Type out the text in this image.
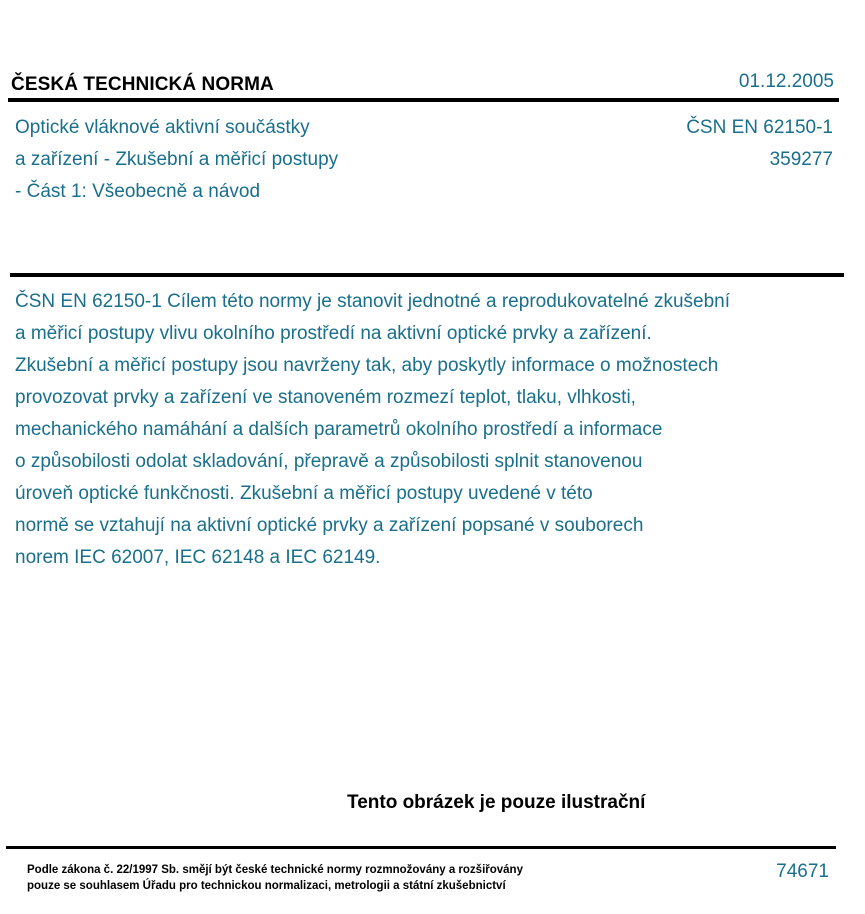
ČESKÁ TECHNICKÁ NORMA	01.12.2005
Optické vláknové aktivní součástky
a zařízení - Zkušební a měřicí postupy
- Část 1: Všeobecně a návod
ČSN EN 62150-1
359277
ČSN EN 62150-1 Cílem této normy je stanovit jednotné a reprodukovatelné zkušební
a měřicí postupy vlivu okolního prostředí na aktivní optické prvky a zařízení.
Zkušební a měřicí postupy jsou navrženy tak, aby poskytly informace o možnostech
provozovat prvky a zařízení ve stanoveném rozmezí teplot, tlaku, vlhkosti,
mechanického namáhání a dalších parametrů okolního prostředí a informace
o způsobilosti odolat skladování, přepravě a způsobilosti splnit stanovenou
úroveň optické funkčnosti. Zkušební a měřicí postupy uvedené v této
normě se vztahují na aktivní optické prvky a zařízení popsané v souborech
norem IEC 62007, IEC 62148 a IEC 62149.
Tento obrázek je pouze ilustrační
Podle zákona č. 22/1997 Sb. smějí být české technické normy rozmnožovány a rozšiřovány
pouze se souhlasem Úřadu pro technickou normalizaci, metrologii a státní zkušebnictví
74671
